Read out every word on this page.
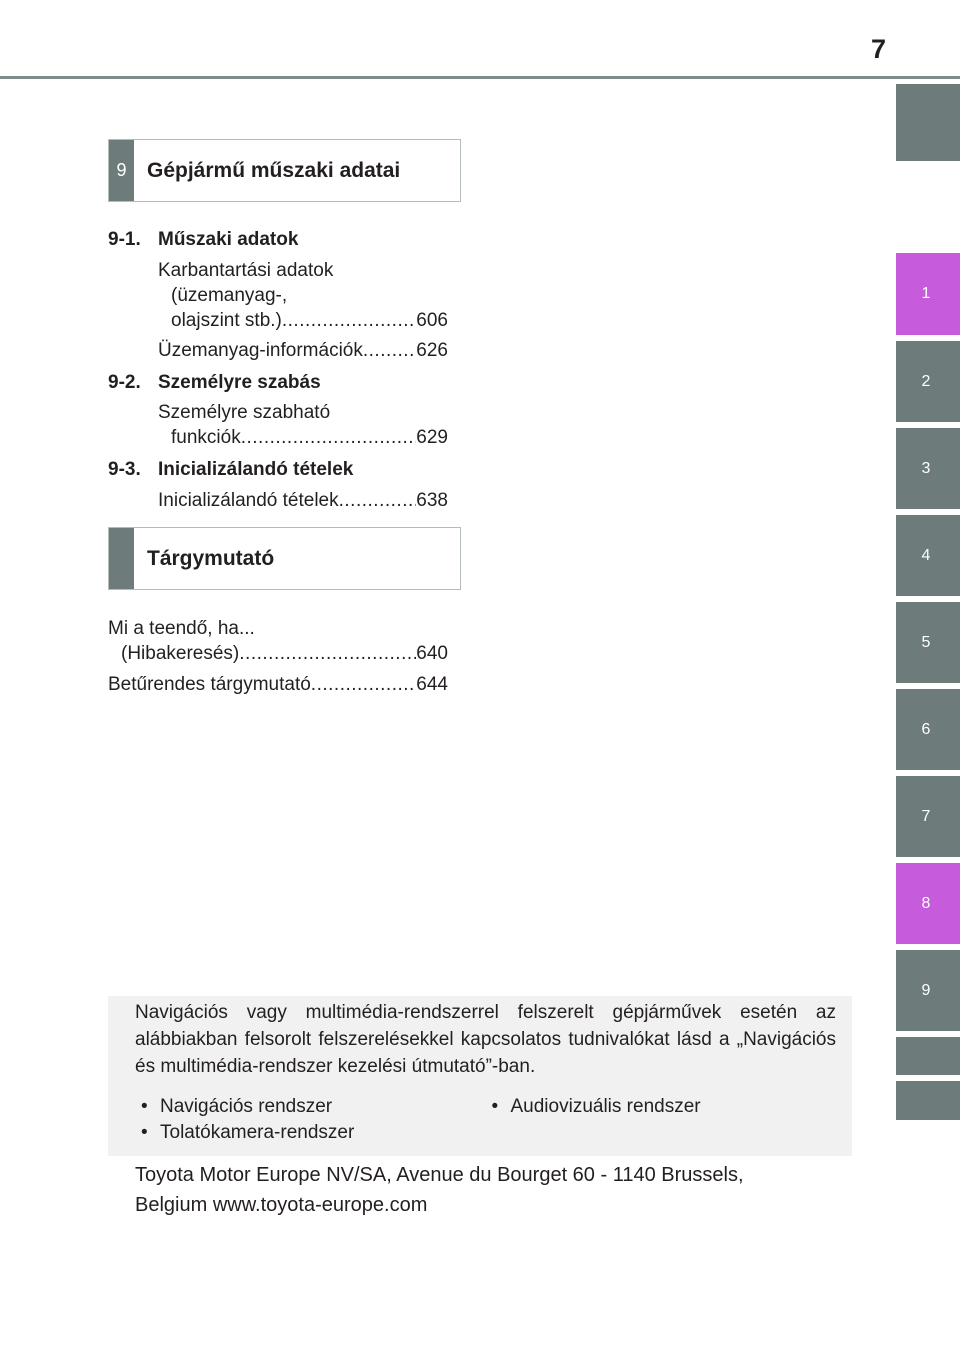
7
1
2
3
4
5
6
7
8
9
9 Gépjármű műszaki adatai
9-1. Műszaki adatok
Karbantartási adatok
(üzemanyag-,
olajszint stb.) .....	606
Üzemanyag-információk .....	626
9-2. Személyre szabás
Személyre szabható
funkciók .....	629
9-3. Inicializálandó tételek
Inicializálandó tételek .....	638
Tárgymutató
Mi a teendő, ha...
(Hibakeresés) .....	640
Betűrendes tárgymutató .....	644
Navigációs vagy multimédia-rendszerrel felszerelt gépjárművek esetén az alábbiakban felsorolt felszerelésekkel kapcsolatos tudnivalókat lásd a „Navigációs és multimédia-rendszer kezelési útmutató”-ban.
• Navigációs rendszer
• Tolatókamera-rendszer
• Audiovizuális rendszer
Toyota Motor Europe NV/SA, Avenue du Bourget 60 - 1140 Brussels,
Belgium www.toyota-europe.com
